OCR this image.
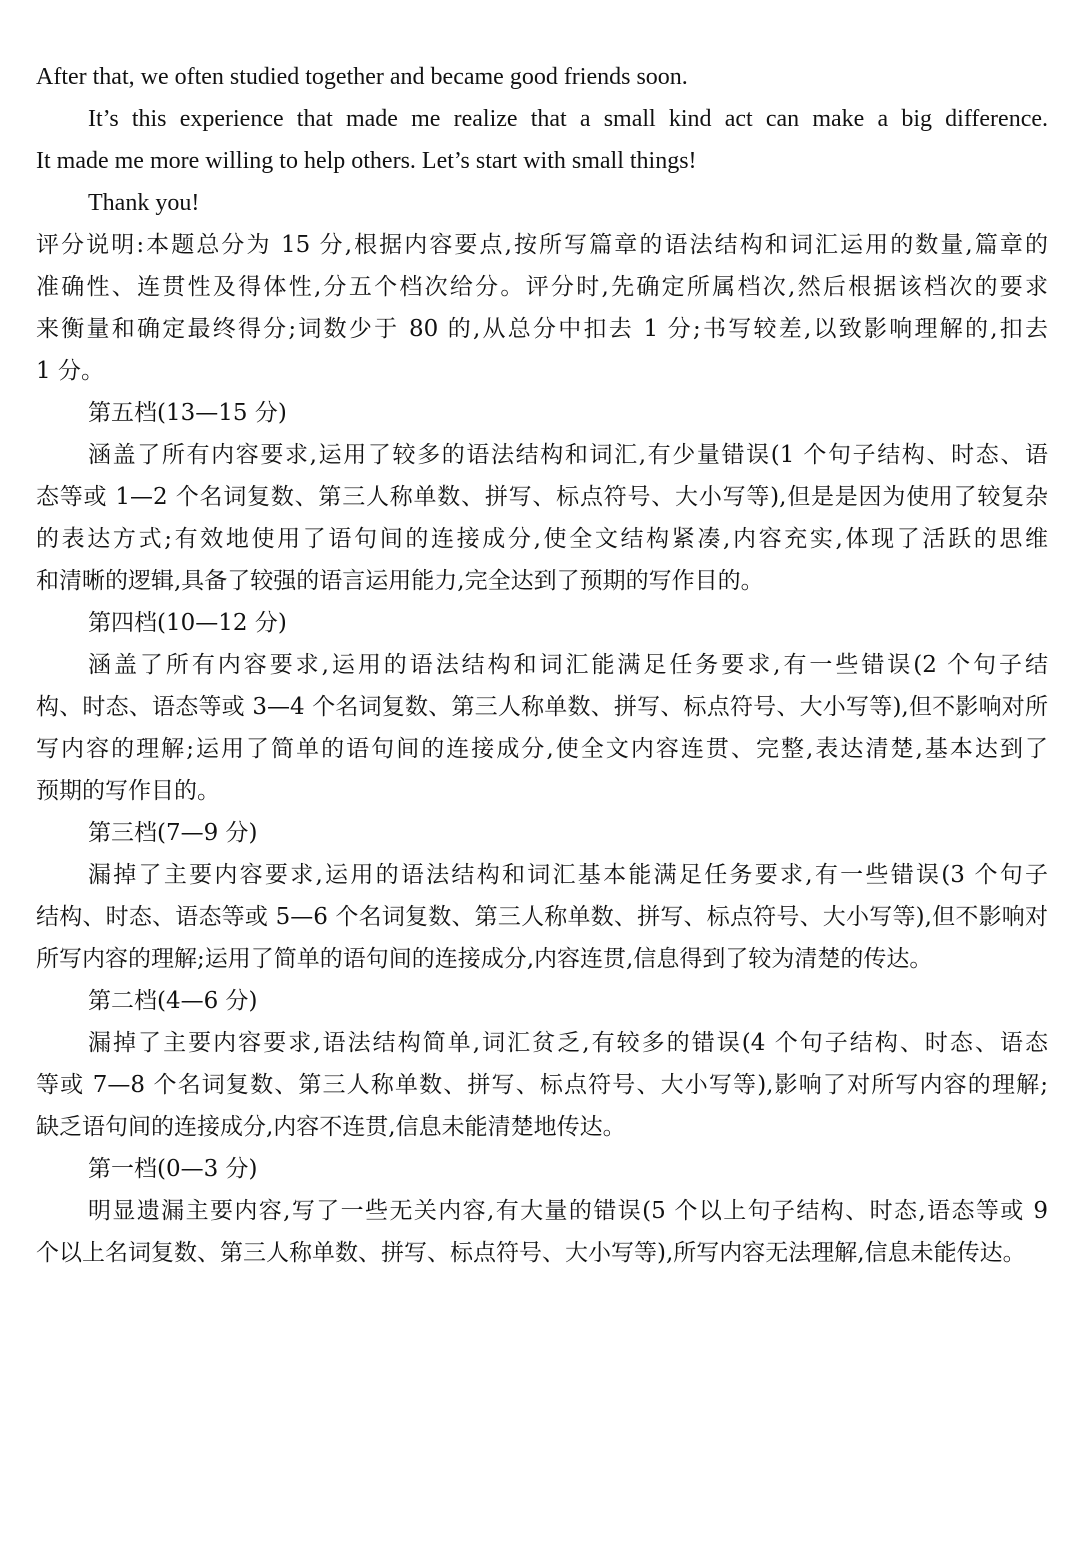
After that, we often studied together and became good friends soon.
It’s this experience that made me realize that a small kind act can make a big difference.
It made me more willing to help others. Let’s start with small things!
Thank you!
评分说明:本题总分为 15 分,根据内容要点,按所写篇章的语法结构和词汇运用的数量,篇章的
准确性、连贯性及得体性,分五个档次给分。评分时,先确定所属档次,然后根据该档次的要求
来衡量和确定最终得分;词数少于 80 的,从总分中扣去 1 分;书写较差,以致影响理解的,扣去
1 分。
第五档(13—15 分)
涵盖了所有内容要求,运用了较多的语法结构和词汇,有少量错误(1 个句子结构、时态、语
态等或 1—2 个名词复数、第三人称单数、拼写、标点符号、大小写等),但是是因为使用了较复杂
的表达方式;有效地使用了语句间的连接成分,使全文结构紧凑,内容充实,体现了活跃的思维
和清晰的逻辑,具备了较强的语言运用能力,完全达到了预期的写作目的。
第四档(10—12 分)
涵盖了所有内容要求,运用的语法结构和词汇能满足任务要求,有一些错误(2 个句子结
构、时态、语态等或 3—4 个名词复数、第三人称单数、拼写、标点符号、大小写等),但不影响对所
写内容的理解;运用了简单的语句间的连接成分,使全文内容连贯、完整,表达清楚,基本达到了
预期的写作目的。
第三档(7—9 分)
漏掉了主要内容要求,运用的语法结构和词汇基本能满足任务要求,有一些错误(3 个句子
结构、时态、语态等或 5—6 个名词复数、第三人称单数、拼写、标点符号、大小写等),但不影响对
所写内容的理解;运用了简单的语句间的连接成分,内容连贯,信息得到了较为清楚的传达。
第二档(4—6 分)
漏掉了主要内容要求,语法结构简单,词汇贫乏,有较多的错误(4 个句子结构、时态、语态
等或 7—8 个名词复数、第三人称单数、拼写、标点符号、大小写等),影响了对所写内容的理解;
缺乏语句间的连接成分,内容不连贯,信息未能清楚地传达。
第一档(0—3 分)
明显遗漏主要内容,写了一些无关内容,有大量的错误(5 个以上句子结构、时态,语态等或 9
个以上名词复数、第三人称单数、拼写、标点符号、大小写等),所写内容无法理解,信息未能传达。
